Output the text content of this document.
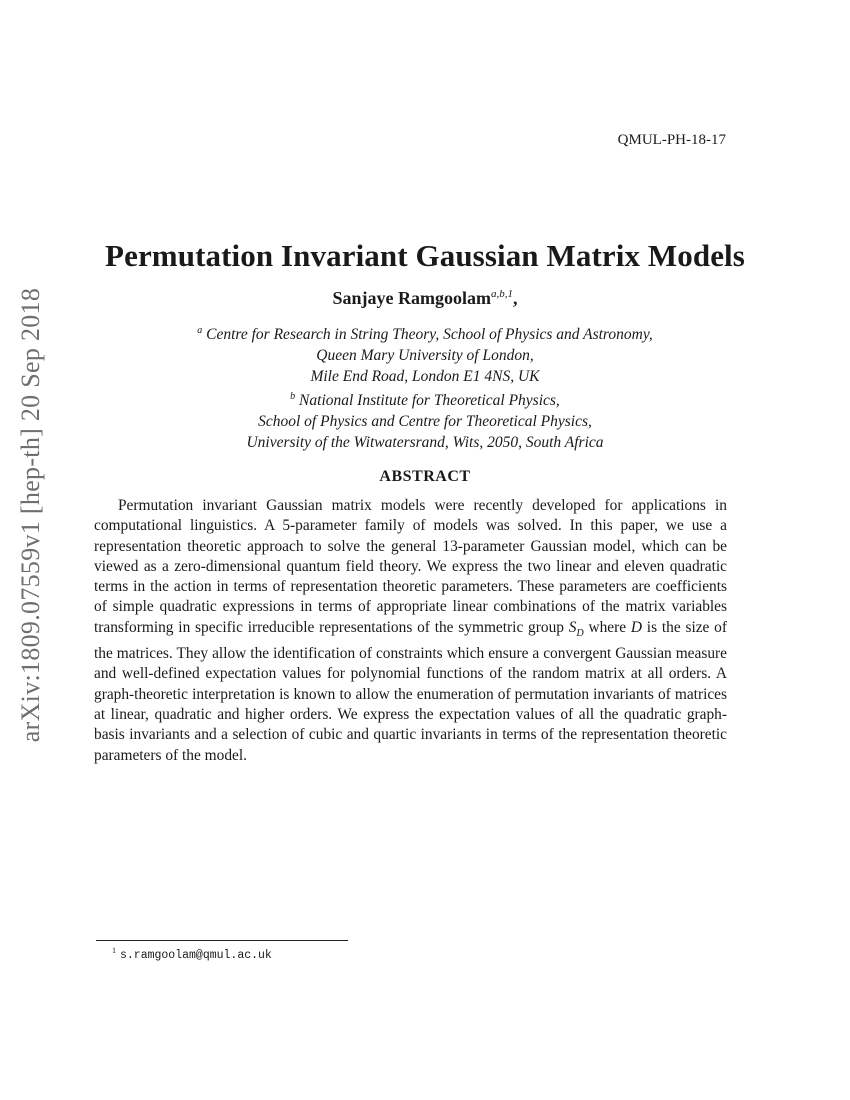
arXiv:1809.07559v1 [hep-th] 20 Sep 2018
QMUL-PH-18-17
Permutation Invariant Gaussian Matrix Models
Sanjaye Ramgoolam$^{a,b,1}$,
$^a$ Centre for Research in String Theory, School of Physics and Astronomy,
Queen Mary University of London,
Mile End Road, London E1 4NS, UK
$^b$ National Institute for Theoretical Physics,
School of Physics and Centre for Theoretical Physics,
University of the Witwatersrand, Wits, 2050, South Africa
ABSTRACT
Permutation invariant Gaussian matrix models were recently developed for applications in computational linguistics. A 5-parameter family of models was solved. In this paper, we use a representation theoretic approach to solve the general 13-parameter Gaussian model, which can be viewed as a zero-dimensional quantum field theory. We express the two linear and eleven quadratic terms in the action in terms of representation theoretic parameters. These parameters are coefficients of simple quadratic expressions in terms of appropriate linear combinations of the matrix variables transforming in specific irreducible representations of the symmetric group $S_D$ where D is the size of the matrices. They allow the identification of constraints which ensure a convergent Gaussian measure and well-defined expectation values for polynomial functions of the random matrix at all orders. A graph-theoretic interpretation is known to allow the enumeration of permutation invariants of matrices at linear, quadratic and higher orders. We express the expectation values of all the quadratic graph-basis invariants and a selection of cubic and quartic invariants in terms of the representation theoretic parameters of the model.
$^1$ s.ramgoolam@qmul.ac.uk
